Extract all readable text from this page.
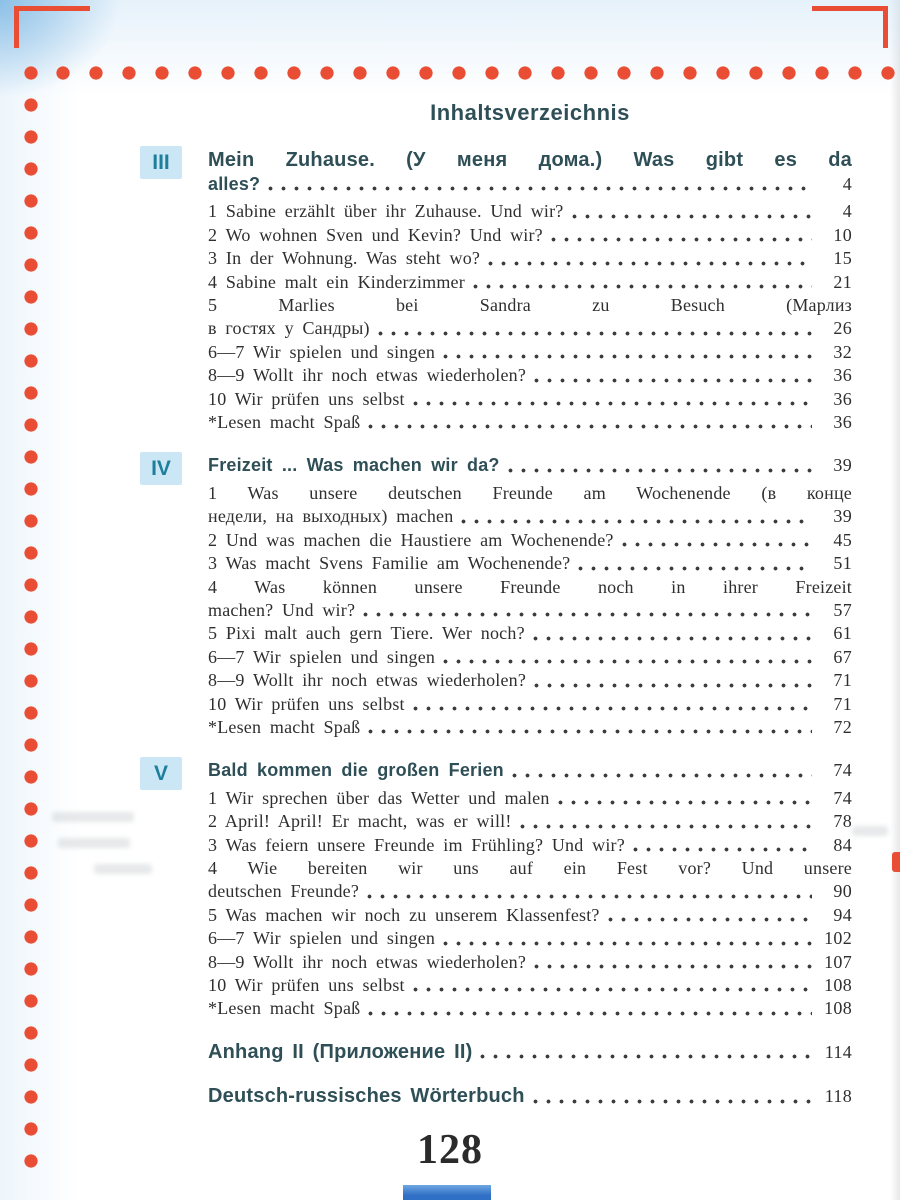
Inhaltsverzeichnis
III	Mein Zuhause. (У меня дома.) Was gibt es da
alles?	4
1 Sabine erzählt über ihr Zuhause. Und wir?	4
2 Wo wohnen Sven und Kevin? Und wir?	10
3 In der Wohnung. Was steht wo?	15
4 Sabine malt ein Kinderzimmer	21
5 Marlies bei Sandra zu Besuch (Марлиз
в гостях у Сандры)	26
6—7 Wir spielen und singen	32
8—9 Wollt ihr noch etwas wiederholen?	36
10 Wir prüfen uns selbst	36
*Lesen macht Spaß	36
IV	Freizeit ... Was machen wir da?	39
1 Was unsere deutschen Freunde am Wochenende (в конце
недели, на выходных) machen	39
2 Und was machen die Haustiere am Wochenende?	45
3 Was macht Svens Familie am Wochenende?	51
4 Was können unsere Freunde noch in ihrer Freizeit
machen? Und wir?	57
5 Pixi malt auch gern Tiere. Wer noch?	61
6—7 Wir spielen und singen	67
8—9 Wollt ihr noch etwas wiederholen?	71
10 Wir prüfen uns selbst	71
*Lesen macht Spaß	72
V	Bald kommen die großen Ferien	74
1 Wir sprechen über das Wetter und malen	74
2 April! April! Er macht, was er will!	78
3 Was feiern unsere Freunde im Frühling? Und wir?	84
4 Wie bereiten wir uns auf ein Fest vor? Und unsere
deutschen Freunde?	90
5 Was machen wir noch zu unserem Klassenfest?	94
6—7 Wir spielen und singen	102
8—9 Wollt ihr noch etwas wiederholen?	107
10 Wir prüfen uns selbst	108
*Lesen macht Spaß	108
Anhang II (Приложение II)	114
Deutsch-russisches Wörterbuch	118
128
